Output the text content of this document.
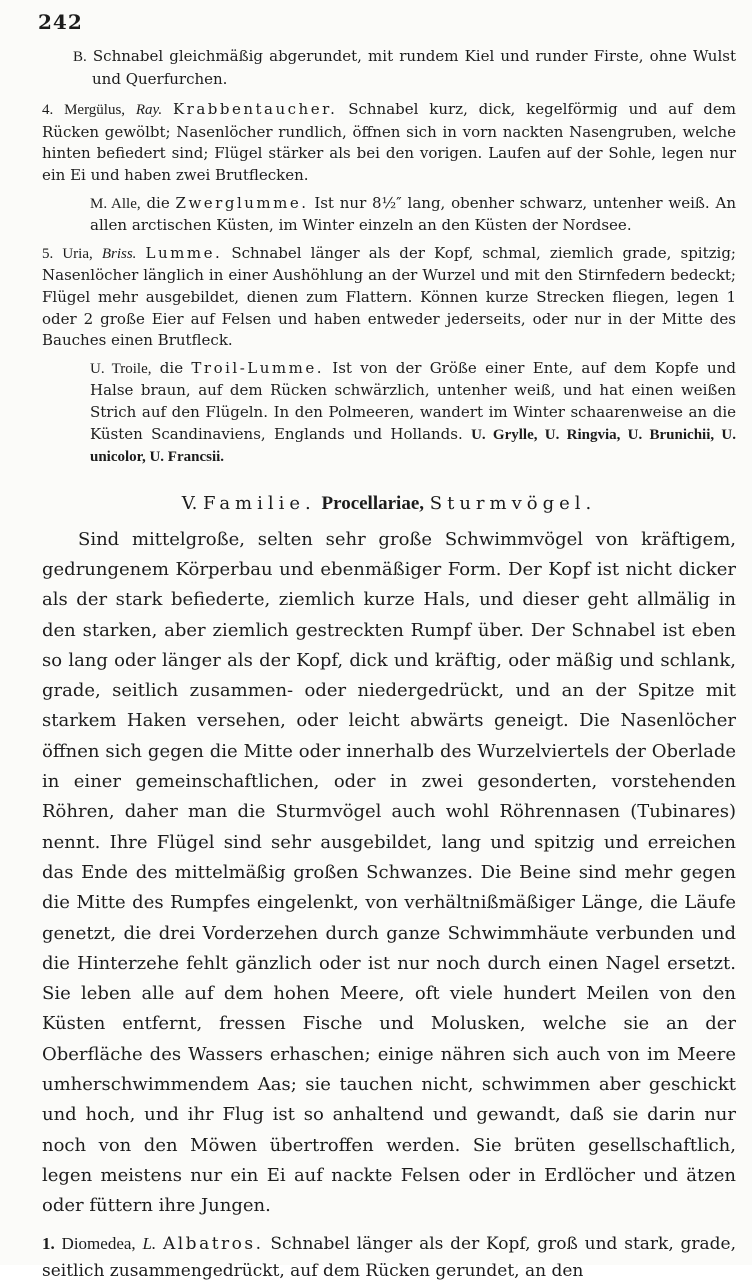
242

B. Schnabel gleichmäßig abgerundet, mit rundem Kiel und runder Firste, ohne Wulst und Querfurchen.

4. Mergülus, Ray. Krabbentaucher. Schnabel kurz, dick, kegelförmig und auf dem Rücken gewölbt; Nasenlöcher rundlich, öffnen sich in vorn nackten Nasengruben, welche hinten befiedert sind; Flügel stärker als bei den vorigen. Laufen auf der Sohle, legen nur ein Ei und haben zwei Brutflecken.

M. Alle, die Zwerglumme. Ist nur 8½″ lang, obenher schwarz, untenher weiß. An allen arctischen Küsten, im Winter einzeln an den Küsten der Nordsee.

5. Uria, Briss. Lumme. Schnabel länger als der Kopf, schmal, ziemlich grade, spitzig; Nasenlöcher länglich in einer Aushöhlung an der Wurzel und mit den Stirnfedern bedeckt; Flügel mehr ausgebildet, dienen zum Flattern. Können kurze Strecken fliegen, legen 1 oder 2 große Eier auf Felsen und haben entweder jederseits, oder nur in der Mitte des Bauches einen Brutfleck.

U. Troile, die Troil-Lumme. Ist von der Größe einer Ente, auf dem Kopfe und Halse braun, auf dem Rücken schwärzlich, untenher weiß, und hat einen weißen Strich auf den Flügeln. In den Polmeeren, wandert im Winter schaarenweise an die Küsten Scandinaviens, Englands und Hollands. U. Grylle, U. Ringvia, U. Brunichii, U. unicolor, U. Francsii.

V. Familie. Procellariae, Sturmvögel.

Sind mittelgroße, selten sehr große Schwimmvögel von kräftigem, gedrungenem Körperbau und ebenmäßiger Form. Der Kopf ist nicht dicker als der stark befiederte, ziemlich kurze Hals, und dieser geht allmälig in den starken, aber ziemlich gestreckten Rumpf über. Der Schnabel ist eben so lang oder länger als der Kopf, dick und kräftig, oder mäßig und schlank, grade, seitlich zusammen- oder niedergedrückt, und an der Spitze mit starkem Haken versehen, oder leicht abwärts geneigt. Die Nasenlöcher öffnen sich gegen die Mitte oder innerhalb des Wurzelviertels der Oberlade in einer gemeinschaftlichen, oder in zwei gesonderten, vorstehenden Röhren, daher man die Sturmvögel auch wohl Röhrennasen (Tubinares) nennt. Ihre Flügel sind sehr ausgebildet, lang und spitzig und erreichen das Ende des mittelmäßig großen Schwanzes. Die Beine sind mehr gegen die Mitte des Rumpfes eingelenkt, von verhältnißmäßiger Länge, die Läufe genetzt, die drei Vorderzehen durch ganze Schwimmhäute verbunden und die Hinterzehe fehlt gänzlich oder ist nur noch durch einen Nagel ersetzt. Sie leben alle auf dem hohen Meere, oft viele hundert Meilen von den Küsten entfernt, fressen Fische und Molusken, welche sie an der Oberfläche des Wassers erhaschen; einige nähren sich auch von im Meere umherschwimmendem Aas; sie tauchen nicht, schwimmen aber geschickt und hoch, und ihr Flug ist so anhaltend und gewandt, daß sie darin nur noch von den Möwen übertroffen werden. Sie brüten gesellschaftlich, legen meistens nur ein Ei auf nackte Felsen oder in Erdlöcher und ätzen oder füttern ihre Jungen.

1. Diomedea, L. Albatros. Schnabel länger als der Kopf, groß und stark, grade, seitlich zusammengedrückt, auf dem Rücken gerundet, an den
